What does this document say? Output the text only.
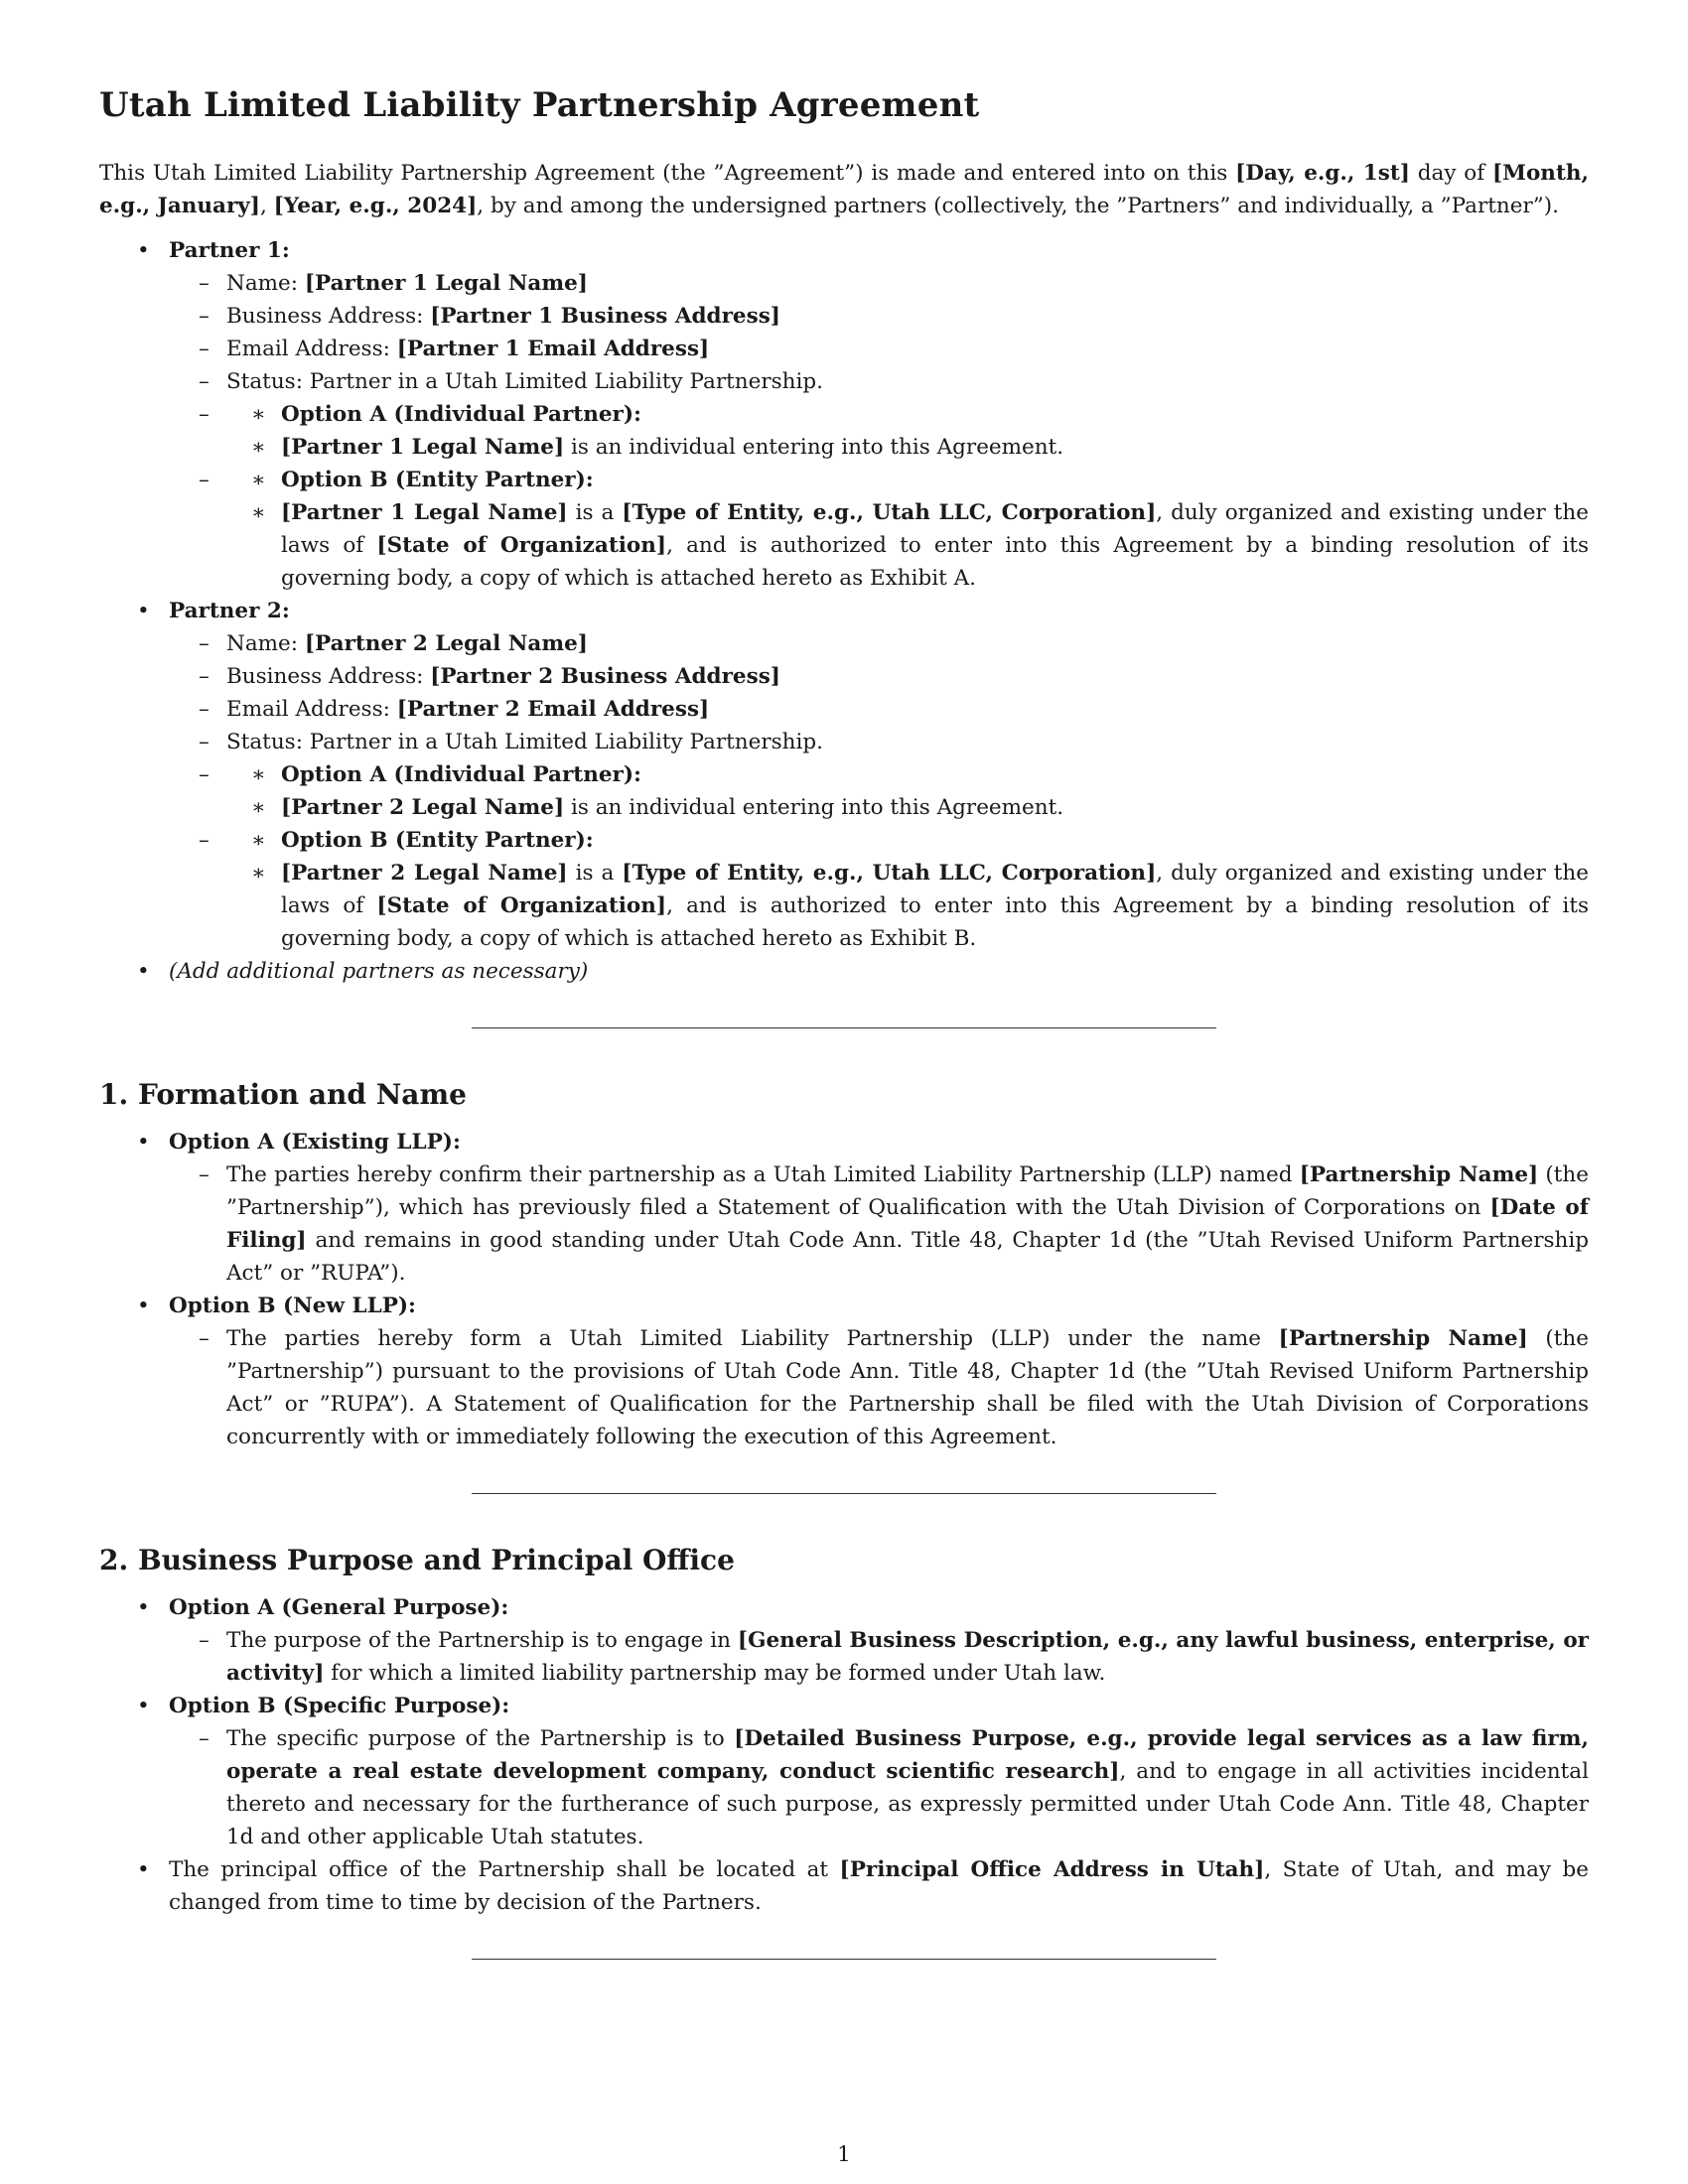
Utah Limited Liability Partnership Agreement

This Utah Limited Liability Partnership Agreement (the ”Agreement”) is made and entered into on this [Day, e.g., 1st] day of [Month, e.g., January], [Year, e.g., 2024], by and among the undersigned partners (collectively, the ”Partners” and individually, a ”Partner”).

• Partner 1:
– Name: [Partner 1 Legal Name]
– Business Address: [Partner 1 Business Address]
– Email Address: [Partner 1 Email Address]
– Status: Partner in a Utah Limited Liability Partnership.
∗ – Option A (Individual Partner):
∗ [Partner 1 Legal Name] is an individual entering into this Agreement.
∗ – Option B (Entity Partner):
∗ [Partner 1 Legal Name] is a [Type of Entity, e.g., Utah LLC, Corporation], duly organized and existing under the laws of [State of Organization], and is authorized to enter into this Agreement by a binding resolution of its governing body, a copy of which is attached hereto as Exhibit A.
• Partner 2:
– Name: [Partner 2 Legal Name]
– Business Address: [Partner 2 Business Address]
– Email Address: [Partner 2 Email Address]
– Status: Partner in a Utah Limited Liability Partnership.
∗ – Option A (Individual Partner):
∗ [Partner 2 Legal Name] is an individual entering into this Agreement.
∗ – Option B (Entity Partner):
∗ [Partner 2 Legal Name] is a [Type of Entity, e.g., Utah LLC, Corporation], duly organized and existing under the laws of [State of Organization], and is authorized to enter into this Agreement by a binding resolution of its governing body, a copy of which is attached hereto as Exhibit B.
• (Add additional partners as necessary)
1. Formation and Name
• Option A (Existing LLP):
– The parties hereby confirm their partnership as a Utah Limited Liability Partnership (LLP) named [Partnership Name] (the ”Partnership”), which has previously filed a Statement of Qualification with the Utah Division of Corporations on [Date of Filing] and remains in good standing under Utah Code Ann. Title 48, Chapter 1d (the ”Utah Revised Uniform Partnership Act” or ”RUPA”).
• Option B (New LLP):
– The parties hereby form a Utah Limited Liability Partnership (LLP) under the name [Partnership Name] (the ”Partnership”) pursuant to the provisions of Utah Code Ann. Title 48, Chapter 1d (the ”Utah Revised Uniform Partnership Act” or ”RUPA”). A Statement of Qualification for the Partnership shall be filed with the Utah Division of Corporations concurrently with or immediately following the execution of this Agreement.
2. Business Purpose and Principal Office
• Option A (General Purpose):
– The purpose of the Partnership is to engage in [General Business Description, e.g., any lawful business, enterprise, or activity] for which a limited liability partnership may be formed under Utah law.
• Option B (Specific Purpose):
– The specific purpose of the Partnership is to [Detailed Business Purpose, e.g., provide legal services as a law firm, operate a real estate development company, conduct scientific research], and to engage in all activities incidental thereto and necessary for the furtherance of such purpose, as expressly permitted under Utah Code Ann. Title 48, Chapter 1d and other applicable Utah statutes.
• The principal office of the Partnership shall be located at [Principal Office Address in Utah], State of Utah, and may be changed from time to time by decision of the Partners.
1
